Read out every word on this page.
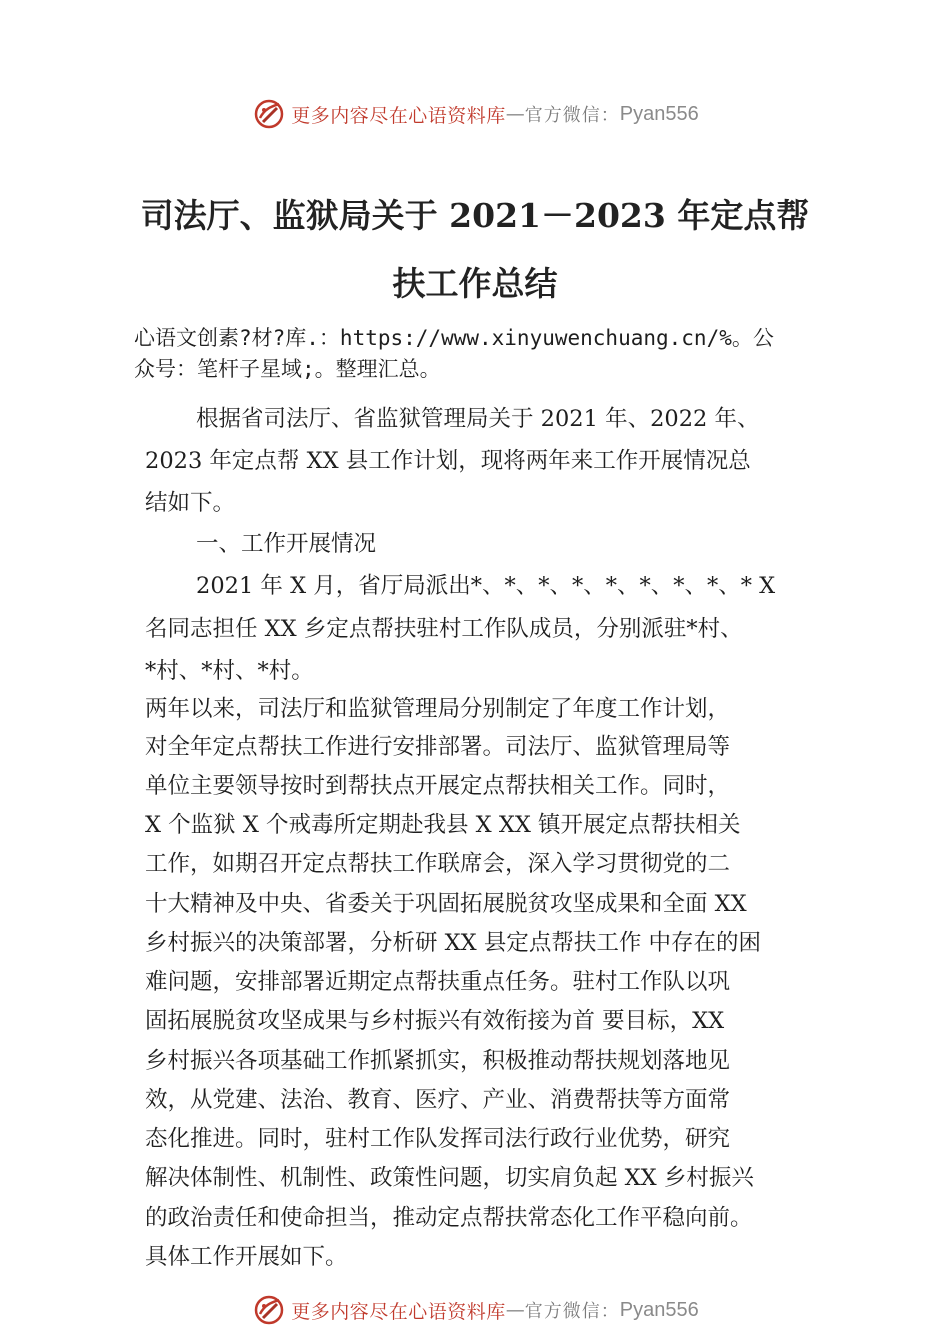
更多内容尽在心语资料库 — 官方微信： Pyan556
司法厅、监狱局关于 2021－2023 年定点帮
扶工作总结
心语文创素?材?库.：https://www.xinyuwenchuang.cn/%。公
众号：笔杆子星域;。整理汇总。
根据省司法厅、省监狱管理局关于 2021 年、2022 年、
2023 年定点帮 XX 县工作计划，现将两年来工作开展情况总
结如下。
一、工作开展情况
2021 年 X 月，省厅局派出*、*、*、*、*、*、*、*、* X
名同志担任 XX 乡定点帮扶驻村工作队成员，分别派驻*村、
*村、*村、*村。
两年以来，司法厅和监狱管理局分别制定了年度工作计划，
对全年定点帮扶工作进行安排部署。司法厅、监狱管理局等
单位主要领导按时到帮扶点开展定点帮扶相关工作。同时，
X 个监狱 X 个戒毒所定期赴我县 X XX 镇开展定点帮扶相关
工作，如期召开定点帮扶工作联席会，深入学习贯彻党的二
十大精神及中央、省委关于巩固拓展脱贫攻坚成果和全面 XX
乡村振兴的决策部署，分析研 XX 县定点帮扶工作 中存在的困
难问题，安排部署近期定点帮扶重点任务。驻村工作队以巩
固拓展脱贫攻坚成果与乡村振兴有效衔接为首 要目标，XX
乡村振兴各项基础工作抓紧抓实，积极推动帮扶规划落地见
效，从党建、法治、教育、医疗、产业、消费帮扶等方面常
态化推进。同时，驻村工作队发挥司法行政行业优势，研究
解决体制性、机制性、政策性问题，切实肩负起 XX 乡村振兴
的政治责任和使命担当，推动定点帮扶常态化工作平稳向前。
具体工作开展如下。
更多内容尽在心语资料库 — 官方微信： Pyan556
